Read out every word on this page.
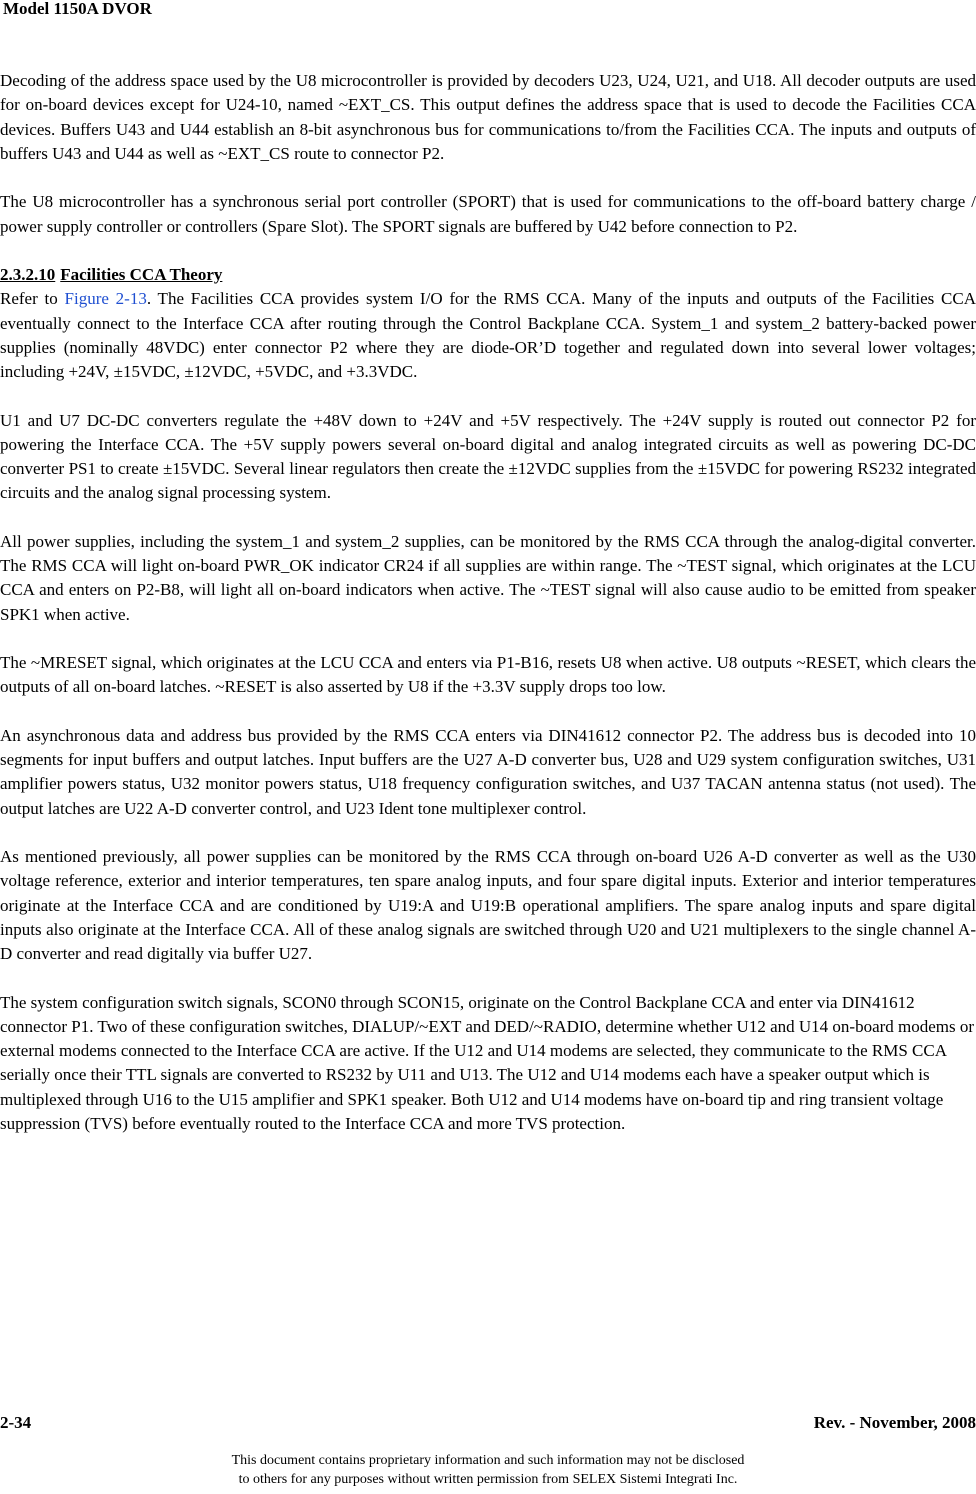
Model 1150A DVOR

Decoding of the address space used by the U8 microcontroller is provided by decoders U23, U24, U21, and U18. All decoder outputs are used for on-board devices except for U24-10, named ~EXT_CS. This output defines the address space that is used to decode the Facilities CCA devices. Buffers U43 and U44 establish an 8-bit asynchronous bus for communications to/from the Facilities CCA. The inputs and outputs of buffers U43 and U44 as well as ~EXT_CS route to connector P2.

The U8 microcontroller has a synchronous serial port controller (SPORT) that is used for communications to the off-board battery charge / power supply controller or controllers (Spare Slot). The SPORT signals are buffered by U42 before connection to P2.

2.3.2.10 Facilities CCA Theory

Refer to Figure 2-13. The Facilities CCA provides system I/O for the RMS CCA. Many of the inputs and outputs of the Facilities CCA eventually connect to the Interface CCA after routing through the Control Backplane CCA. System_1 and system_2 battery-backed power supplies (nominally 48VDC) enter connector P2 where they are diode-OR’D together and regulated down into several lower voltages; including +24V, ±15VDC, ±12VDC, +5VDC, and +3.3VDC.

U1 and U7 DC-DC converters regulate the +48V down to +24V and +5V respectively. The +24V supply is routed out connector P2 for powering the Interface CCA. The +5V supply powers several on-board digital and analog integrated circuits as well as powering DC-DC converter PS1 to create ±15VDC. Several linear regulators then create the ±12VDC supplies from the ±15VDC for powering RS232 integrated circuits and the analog signal processing system.

All power supplies, including the system_1 and system_2 supplies, can be monitored by the RMS CCA through the analog-digital converter. The RMS CCA will light on-board PWR_OK indicator CR24 if all supplies are within range. The ~TEST signal, which originates at the LCU CCA and enters on P2-B8, will light all on-board indicators when active. The ~TEST signal will also cause audio to be emitted from speaker SPK1 when active.

The ~MRESET signal, which originates at the LCU CCA and enters via P1-B16, resets U8 when active. U8 outputs ~RESET, which clears the outputs of all on-board latches. ~RESET is also asserted by U8 if the +3.3V supply drops too low.

An asynchronous data and address bus provided by the RMS CCA enters via DIN41612 connector P2. The address bus is decoded into 10 segments for input buffers and output latches. Input buffers are the U27 A-D converter bus, U28 and U29 system configuration switches, U31 amplifier powers status, U32 monitor powers status, U18 frequency configuration switches, and U37 TACAN antenna status (not used). The output latches are U22 A-D converter control, and U23 Ident tone multiplexer control.

As mentioned previously, all power supplies can be monitored by the RMS CCA through on-board U26 A-D converter as well as the U30 voltage reference, exterior and interior temperatures, ten spare analog inputs, and four spare digital inputs. Exterior and interior temperatures originate at the Interface CCA and are conditioned by U19:A and U19:B operational amplifiers. The spare analog inputs and spare digital inputs also originate at the Interface CCA. All of these analog signals are switched through U20 and U21 multiplexers to the single channel A-D converter and read digitally via buffer U27.

The system configuration switch signals, SCON0 through SCON15, originate on the Control Backplane CCA and enter via DIN41612 connector P1. Two of these configuration switches, DIALUP/~EXT and DED/~RADIO, determine whether U12 and U14 on-board modems or external modems connected to the Interface CCA are active. If the U12 and U14 modems are selected, they communicate to the RMS CCA serially once their TTL signals are converted to RS232 by U11 and U13. The U12 and U14 modems each have a speaker output which is multiplexed through U16 to the U15 amplifier and SPK1 speaker. Both U12 and U14 modems have on-board tip and ring transient voltage suppression (TVS) before eventually routed to the Interface CCA and more TVS protection.

2-34	Rev. - November, 2008
This document contains proprietary information and such information may not be disclosed
to others for any purposes without written permission from SELEX Sistemi Integrati Inc.
